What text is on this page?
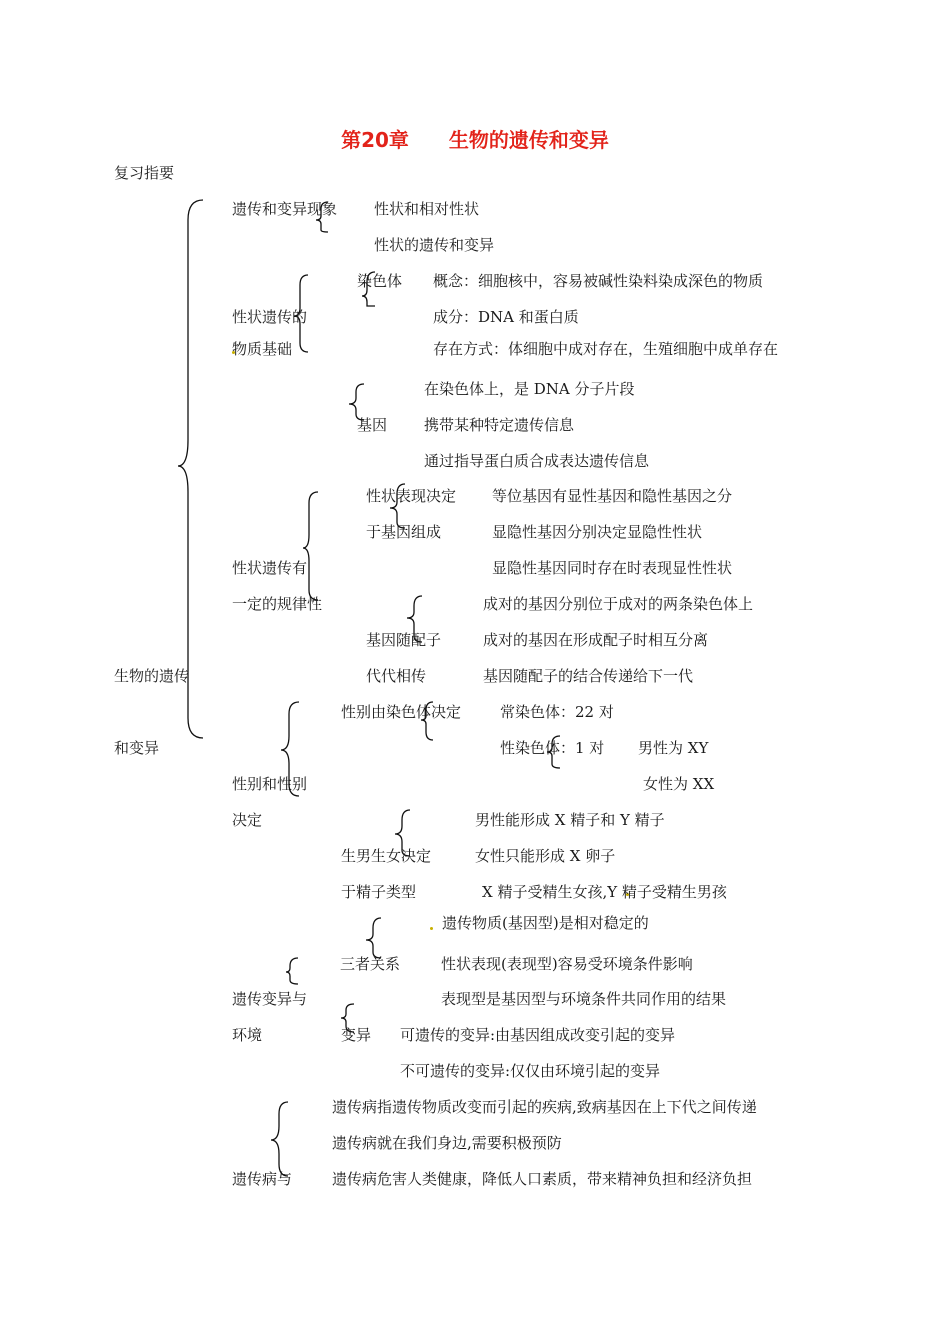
第20章　　生物的遗传和变异
复习指要
生物的遗传
和变异
遗传和变异现象 性状和相对性状
性状的遗传和变异
性状遗传的
物质基础
染色体 概念：细胞核中，容易被碱性染料染成深色的物质
成分：DNA 和蛋白质
存在方式：体细胞中成对存在，生殖细胞中成单存在
基因
在染色体上，是 DNA 分子片段
携带某种特定遗传信息
通过指导蛋白质合成表达遗传信息
性状遗传有
一定的规律性
性状表现决定
于基因组成
等位基因有显性基因和隐性基因之分
显隐性基因分别决定显隐性性状
显隐性基因同时存在时表现显性性状
基因随配子
代代相传
成对的基因分别位于成对的两条染色体上
成对的基因在形成配子时相互分离
基因随配子的结合传递给下一代
性别和性别
决定
性别由染色体决定	常染色体：22 对
性染色体：1 对 男性为 XY
女性为 XX
生男生女决定
于精子类型
男性能形成 X 精子和 Y 精子
女性只能形成 X 卵子
X 精子受精生女孩,Y 精子受精生男孩
遗传变异与
环境
三者关系
遗传物质(基因型)是相对稳定的
性状表现(表现型)容易受环境条件影响
表现型是基因型与环境条件共同作用的结果
变异 可遗传的变异:由基因组成改变引起的变异
不可遗传的变异:仅仅由环境引起的变异
遗传病与
遗传病指遗传物质改变而引起的疾病,致病基因在上下代之间传递
遗传病就在我们身边,需要积极预防
遗传病危害人类健康，降低人口素质，带来精神负担和经济负担
